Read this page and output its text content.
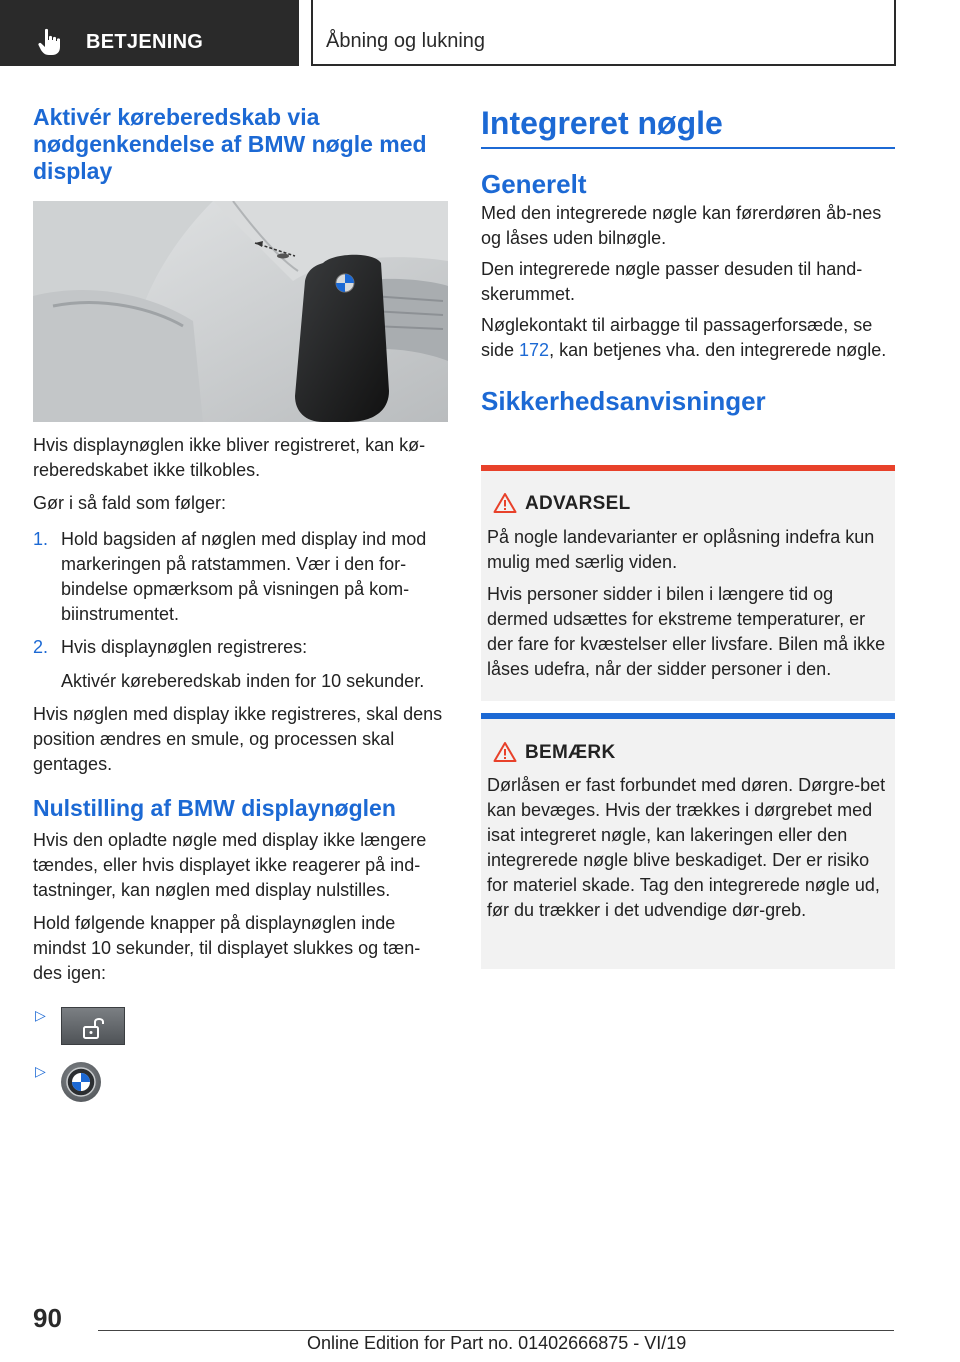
BETJENING	Åbning og lukning
Aktivér køreberedskab via nødgenkendelse af BMW nøgle med display

Hvis displaynøglen ikke bliver registreret, kan kø-reberedskabet ikke tilkobles.

Gør i så fald som følger:

1. Hold bagsiden af nøglen med display ind mod markeringen på ratstammen. Vær i den for-bindelse opmærksom på visningen på kom-biinstrumentet.
2. Hvis displaynøglen registreres:

Aktivér køreberedskab inden for 10 sekunder.

Hvis nøglen med display ikke registreres, skal dens position ændres en smule, og processen skal gentages.

Nulstilling af BMW displaynøglen

Hvis den opladte nøgle med display ikke længere tændes, eller hvis displayet ikke reagerer på ind-tastninger, kan nøglen med display nulstilles.

Hold følgende knapper på displaynøglen inde mindst 10 sekunder, til displayet slukkes og tæn-des igen:

▷
▷
Integreret nøgle
Generelt

Med den integrerede nøgle kan førerdøren åb-nes og låses uden bilnøgle.

Den integrerede nøgle passer desuden til hand-skerummet.

Nøglekontakt til airbagge til passagerforsæde, se side 172, kan betjenes vha. den integrerede nøgle.

Sikkerhedsanvisninger
ADVARSEL

På nogle landevarianter er oplåsning indefra kun mulig med særlig viden.

Hvis personer sidder i bilen i længere tid og dermed udsættes for ekstreme temperaturer, er der fare for kvæstelser eller livsfare. Bilen må ikke låses udefra, når der sidder personer i den.

BEMÆRK

Dørlåsen er fast forbundet med døren. Dørgre-bet kan bevæges. Hvis der trækkes i dørgrebet med isat integreret nøgle, kan lakeringen eller den integrerede nøgle blive beskadiget. Der er risiko for materiel skade. Tag den integrerede nøgle ud, før du trækker i det udvendige dør-greb.

90
Online Edition for Part no. 01402666875 - VI/19
